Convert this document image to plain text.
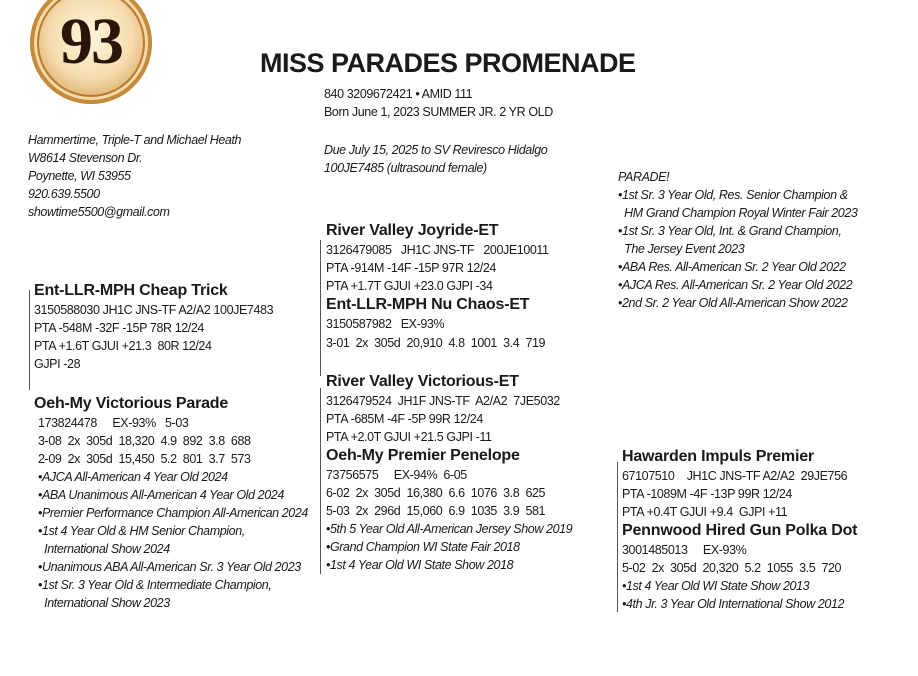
93	MISS PARADES PROMENADE
840 3209672421 • AMID 111
Born June 1, 2023 SUMMER JR. 2 YR OLD
Due July 15, 2025 to SV Reviresco Hidalgo
100JE7485 (ultrasound female)
Hammertime, Triple-T and Michael Heath
W8614 Stevenson Dr.
Poynette, WI 53955
920.639.5500
showtime5500@gmail.com
PARADE!
•1st Sr. 3 Year Old, Res. Senior Champion &
HM Grand Champion Royal Winter Fair 2023
•1st Sr. 3 Year Old, Int. & Grand Champion,
The Jersey Event 2023
•ABA Res. All-American Sr. 2 Year Old 2022
•AJCA Res. All-American Sr. 2 Year Old 2022
•2nd Sr. 2 Year Old All-American Show 2022
River Valley Joyride-ET
3126479085   JH1C JNS-TF   200JE10011
PTA -914M -14F -15P 97R 12/24
PTA +1.7T GJUI +23.0 GJPI -34
Ent-LLR-MPH Nu Chaos-ET
3150587982   EX-93%
3-01  2x  305d  20,910  4.8  1001  3.4  719
River Valley Victorious-ET
3126479524  JH1F JNS-TF  A2/A2  7JE5032
PTA -685M -4F -5P 99R 12/24
PTA +2.0T GJUI +21.5 GJPI -11
Oeh-My Premier Penelope
73756575     EX-94%  6-05
6-02  2x  305d  16,380  6.6  1076  3.8  625
5-03  2x  296d  15,060  6.9  1035  3.9  581
•5th 5 Year Old All-American Jersey Show 2019
•Grand Champion WI State Fair 2018
•1st 4 Year Old WI State Show 2018
Ent-LLR-MPH Cheap Trick
3150588030 JH1C JNS-TF A2/A2 100JE7483
PTA -548M -32F -15P 78R 12/24
PTA +1.6T GJUI +21.3  80R 12/24
GJPI -28
Oeh-My Victorious Parade
173824478     EX-93%   5-03
3-08  2x  305d  18,320  4.9  892  3.8  688
2-09  2x  305d  15,450  5.2  801  3.7  573
•AJCA All-American 4 Year Old 2024
•ABA Unanimous All-American 4 Year Old 2024
•Premier Performance Champion All-American 2024
•1st 4 Year Old & HM Senior Champion,
International Show 2024
•Unanimous ABA All-American Sr. 3 Year Old 2023
•1st Sr. 3 Year Old & Intermediate Champion,
International Show 2023
Hawarden Impuls Premier
67107510    JH1C JNS-TF A2/A2  29JE756
PTA -1089M -4F -13P 99R 12/24
PTA +0.4T GJUI +9.4  GJPI +11
Pennwood Hired Gun Polka Dot
3001485013     EX-93%
5-02  2x  305d  20,320  5.2  1055  3.5  720
•1st 4 Year Old WI State Show 2013
•4th Jr. 3 Year Old International Show 2012
